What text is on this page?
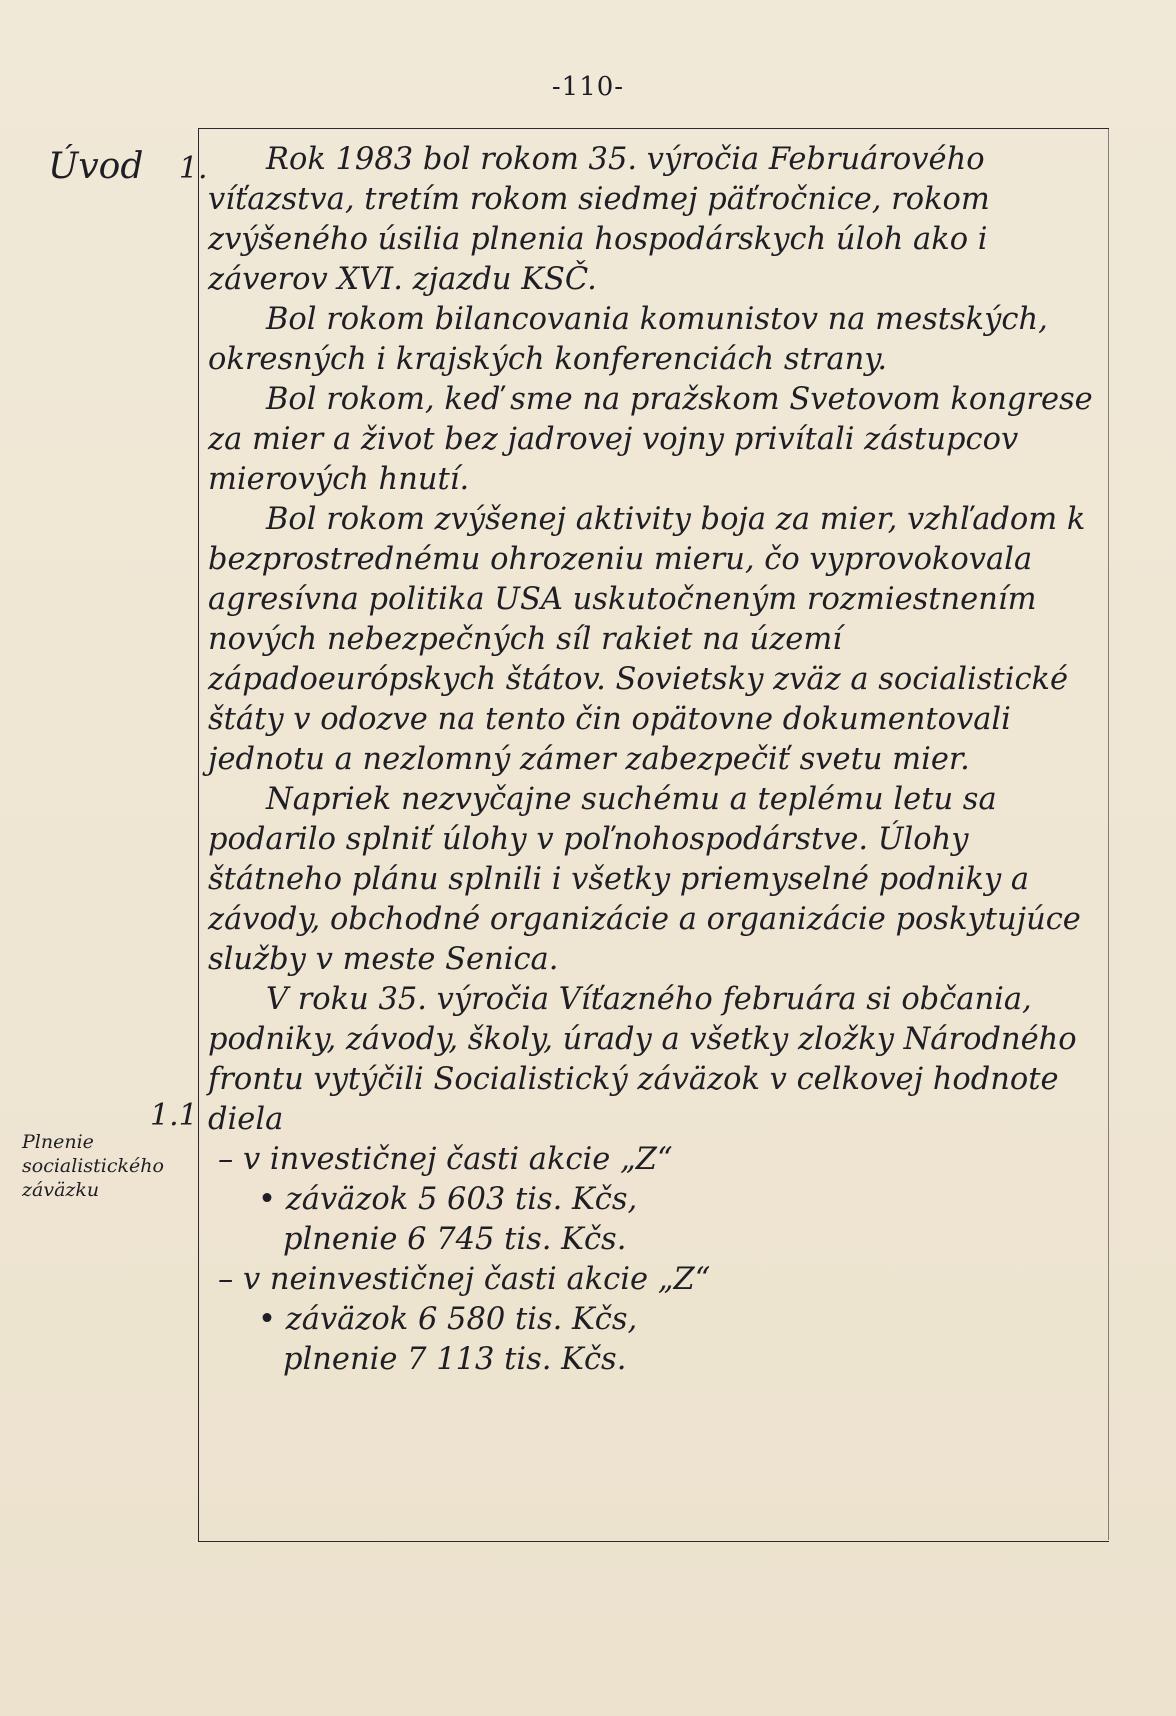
-110-
Úvod 1.
1.1
Plnenie socialistického záväzku

Rok 1983 bol rokom 35. výročia Februárového víťazstva, tretím rokom siedmej päťročnice, rokom zvýšeného úsilia plnenia hospodárskych úloh ako i záverov XVI. zjazdu KSČ.

Bol rokom bilancovania komunistov na mestských, okresných i krajských konferenciách strany.

Bol rokom, keď sme na pražskom Svetovom kongrese za mier a život bez jadrovej vojny privítali zástupcov mierových hnutí.

Bol rokom zvýšenej aktivity boja za mier, vzhľadom k bezprostrednému ohrozeniu mieru, čo vyprovokovala agresívna politika USA uskutočneným rozmiestnením nových nebezpečných síl rakiet na území západoeurópskych štátov. Sovietsky zväz a socialistické štáty v odozve na tento čin opätovne dokumentovali jednotu a nezlomný zámer zabezpečiť svetu mier.

Napriek nezvyčajne suchému a teplému letu sa podarilo splniť úlohy v poľnohospodárstve. Úlohy štátneho plánu splnili i všetky priemyselné podniky a závody, obchodné organizácie a organizácie poskytujúce služby v meste Senica.

V roku 35. výročia Víťazného februára si občania, podniky, závody, školy, úrady a všetky zložky Národného frontu vytýčili Socialistický záväzok v celkovej hodnote diela

– v investičnej časti akcie „Z“

• záväzok 5 603 tis. Kčs,

plnenie 6 745 tis. Kčs.

– v neinvestičnej časti akcie „Z“

• záväzok 6 580 tis. Kčs,

plnenie 7 113 tis. Kčs.
